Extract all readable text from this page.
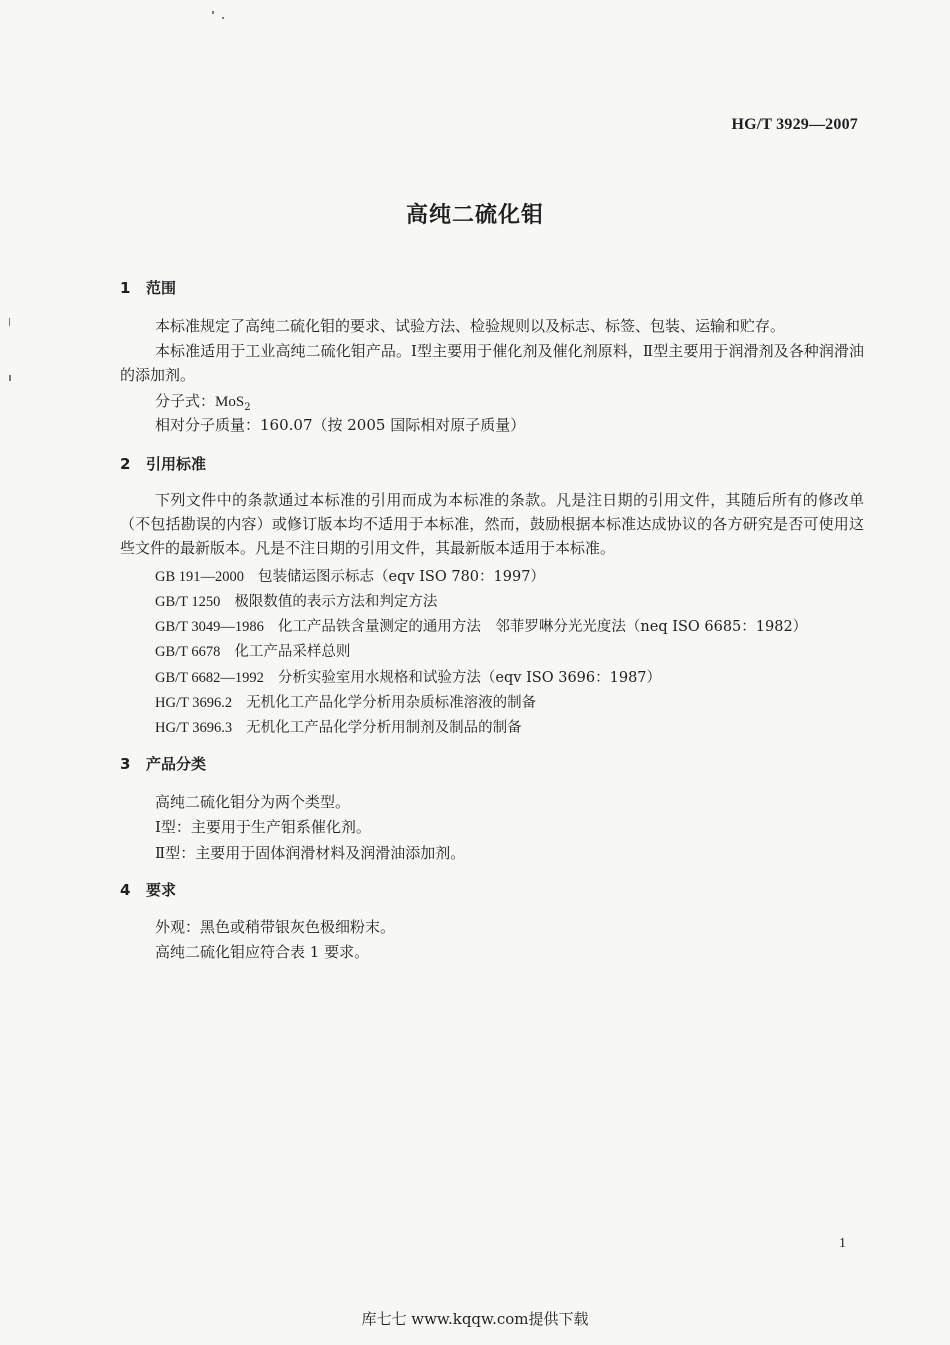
HG/T 3929—2007
高纯二硫化钼
1 范围
本标准规定了高纯二硫化钼的要求、试验方法、检验规则以及标志、标签、包装、运输和贮存。
本标准适用于工业高纯二硫化钼产品。Ⅰ型主要用于催化剂及催化剂原料，Ⅱ型主要用于润滑剂及各种润滑油的添加剂。
分子式：MoS$_2$
相对分子质量：160.07（按 2005 国际相对原子质量）
2 引用标准
下列文件中的条款通过本标准的引用而成为本标准的条款。凡是注日期的引用文件，其随后所有的修改单（不包括勘误的内容）或修订版本均不适用于本标准，然而，鼓励根据本标准达成协议的各方研究是否可使用这些文件的最新版本。凡是不注日期的引用文件，其最新版本适用于本标准。
GB 191—2000 包装储运图示标志（eqv ISO 780：1997）
GB/T 1250 极限数值的表示方法和判定方法
GB/T 3049—1986 化工产品铁含量测定的通用方法　邻菲罗啉分光光度法（neq ISO 6685：1982）
GB/T 6678 化工产品采样总则
GB/T 6682—1992 分析实验室用水规格和试验方法（eqv ISO 3696：1987）
HG/T 3696.2 无机化工产品化学分析用杂质标准溶液的制备
HG/T 3696.3 无机化工产品化学分析用制剂及制品的制备
3 产品分类
高纯二硫化钼分为两个类型。
Ⅰ型：主要用于生产钼系催化剂。
Ⅱ型：主要用于固体润滑材料及润滑油添加剂。
4 要求
外观：黑色或稍带银灰色极细粉末。
高纯二硫化钼应符合表 1 要求。
1
库七七 www.kqqw.com提供下载
